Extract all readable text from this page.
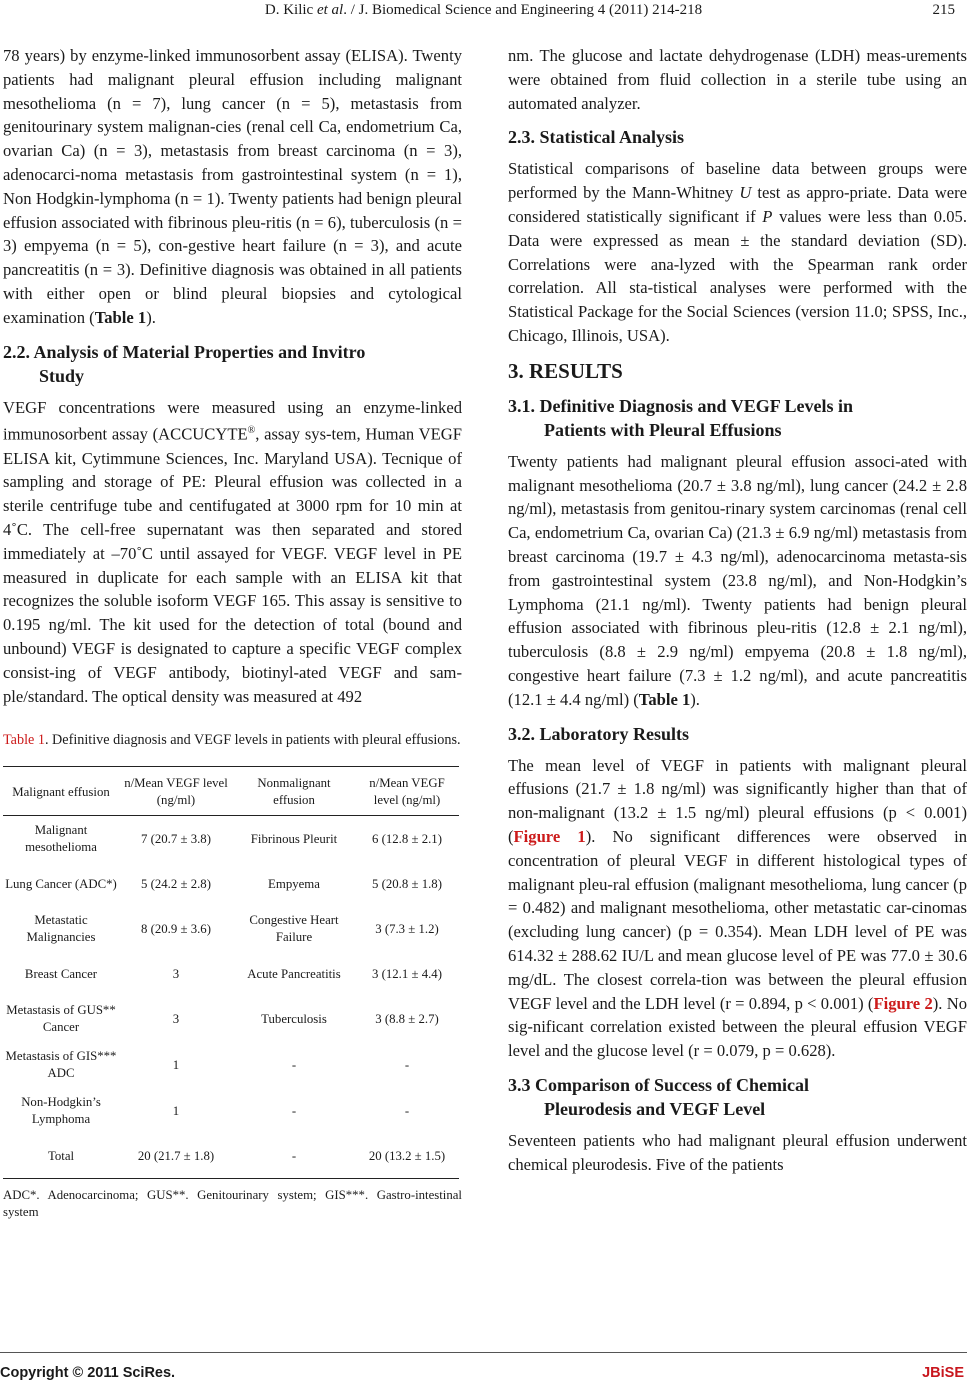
D. Kilic et al. / J. Biomedical Science and Engineering 4 (2011) 214-218	215

78 years) by enzyme-linked immunosorbent assay (ELISA). Twenty patients had malignant pleural effusion including malignant mesothelioma (n = 7), lung cancer (n = 5), metastasis from genitourinary system malignan-cies (renal cell Ca, endometrium Ca, ovarian Ca) (n = 3), metastasis from breast carcinoma (n = 3), adenocarci-noma metastasis from gastrointestinal system (n = 1), Non Hodgkin-lymphoma (n = 1). Twenty patients had benign pleural effusion associated with fibrinous pleu-ritis (n = 6), tuberculosis (n = 3) empyema (n = 5), con-gestive heart failure (n = 3), and acute pancreatitis (n = 3). Definitive diagnosis was obtained in all patients with either open or blind pleural biopsies and cytological examination (Table 1).

2.2. Analysis of Material Properties and Invitro
Study

VEGF concentrations were measured using an enzyme-linked immunosorbent assay (ACCUCYTE®, assay sys-tem, Human VEGF ELISA kit, Cytimmune Sciences, Inc. Maryland USA). Tecnique of sampling and storage of PE: Pleural effusion was collected in a sterile centrifuge tube and centifugated at 3000 rpm for 10 min at 4˚C. The cell-free supernatant was then separated and stored immediately at –70˚C until assayed for VEGF. VEGF level in PE measured in duplicate for each sample with an ELISA kit that recognizes the soluble isoform VEGF 165. This assay is sensitive to 0.195 ng/ml. The kit used for the detection of total (bound and unbound) VEGF is designated to capture a specific VEGF complex consist-ing of VEGF antibody, biotinyl-ated VEGF and sam-ple/standard. The optical density was measured at 492

Table 1. Definitive diagnosis and VEGF levels in patients with pleural effusions.
Malignant effusion	n/Mean VEGF level (ng/ml)	Nonmalignant effusion	n/Mean VEGF level (ng/ml)
Malignant mesothelioma	7 (20.7 ± 3.8)	Fibrinous Pleurit	6 (12.8 ± 2.1)
Lung Cancer (ADC*)	5 (24.2 ± 2.8)	Empyema	5 (20.8 ± 1.8)
Metastatic Malignancies	8 (20.9 ± 3.6)	Congestive Heart Failure	3 (7.3 ± 1.2)
Breast Cancer	3	Acute Pancreatitis	3 (12.1 ± 4.4)
Metastasis of GUS** Cancer	3	Tuberculosis	3 (8.8 ± 2.7)
Metastasis of GIS*** ADC	1	-	-
Non-Hodgkin’s Lymphoma	1	-	-
Total	20 (21.7 ± 1.8)	-	20 (13.2 ± 1.5)
ADC*. Adenocarcinoma; GUS**. Genitourinary system; GIS***. Gastro-intestinal system

nm. The glucose and lactate dehydrogenase (LDH) meas-urements were obtained from fluid collection in a sterile tube using an automated analyzer.

2.3. Statistical Analysis

Statistical comparisons of baseline data between groups were performed by the Mann-Whitney U test as appro-priate. Data were considered statistically significant if P values were less than 0.05. Data were expressed as mean ± the standard deviation (SD). Correlations were ana-lyzed with the Spearman rank order correlation. All sta-tistical analyses were performed with the Statistical Package for the Social Sciences (version 11.0; SPSS, Inc., Chicago, Illinois, USA).

3. RESULTS
3.1. Definitive Diagnosis and VEGF Levels in
Patients with Pleural Effusions

Twenty patients had malignant pleural effusion associ-ated with malignant mesothelioma (20.7 ± 3.8 ng/ml), lung cancer (24.2 ± 2.8 ng/ml), metastasis from genitou-rinary system carcinomas (renal cell Ca, endometrium Ca, ovarian Ca) (21.3 ± 6.9 ng/ml) metastasis from breast carcinoma (19.7 ± 4.3 ng/ml), adenocarcinoma metasta-sis from gastrointestinal system (23.8 ng/ml), and Non-Hodgkin’s Lymphoma (21.1 ng/ml). Twenty patients had benign pleural effusion associated with fibrinous pleu-ritis (12.8 ± 2.1 ng/ml), tuberculosis (8.8 ± 2.9 ng/ml) empyema (20.8 ± 1.8 ng/ml), congestive heart failure (7.3 ± 1.2 ng/ml), and acute pancreatitis (12.1 ± 4.4 ng/ml) (Table 1).

3.2. Laboratory Results

The mean level of VEGF in patients with malignant pleural effusions (21.7 ± 1.8 ng/ml) was significantly higher than that of non-malignant (13.2 ± 1.5 ng/ml) pleural effusions (p < 0.001) (Figure 1). No significant differences were observed in concentration of pleural VEGF in different histological types of malignant pleu-ral effusion (malignant mesothelioma, lung cancer (p = 0.482) and malignant mesothelioma, other metastatic car-cinomas (excluding lung cancer) (p = 0.354). Mean LDH level of PE was 614.32 ± 288.62 IU/L and mean glucose level of PE was 77.0 ± 30.6 mg/dL. The closest correla-tion was between the pleural effusion VEGF level and the LDH level (r = 0.894, p < 0.001) (Figure 2). No sig-nificant correlation existed between the pleural effusion VEGF level and the glucose level (r = 0.079, p = 0.628).

3.3 Comparison of Success of Chemical
Pleurodesis and VEGF Level

Seventeen patients who had malignant pleural effusion underwent chemical pleurodesis. Five of the patients

Copyright © 2011 SciRes.	JBiSE
